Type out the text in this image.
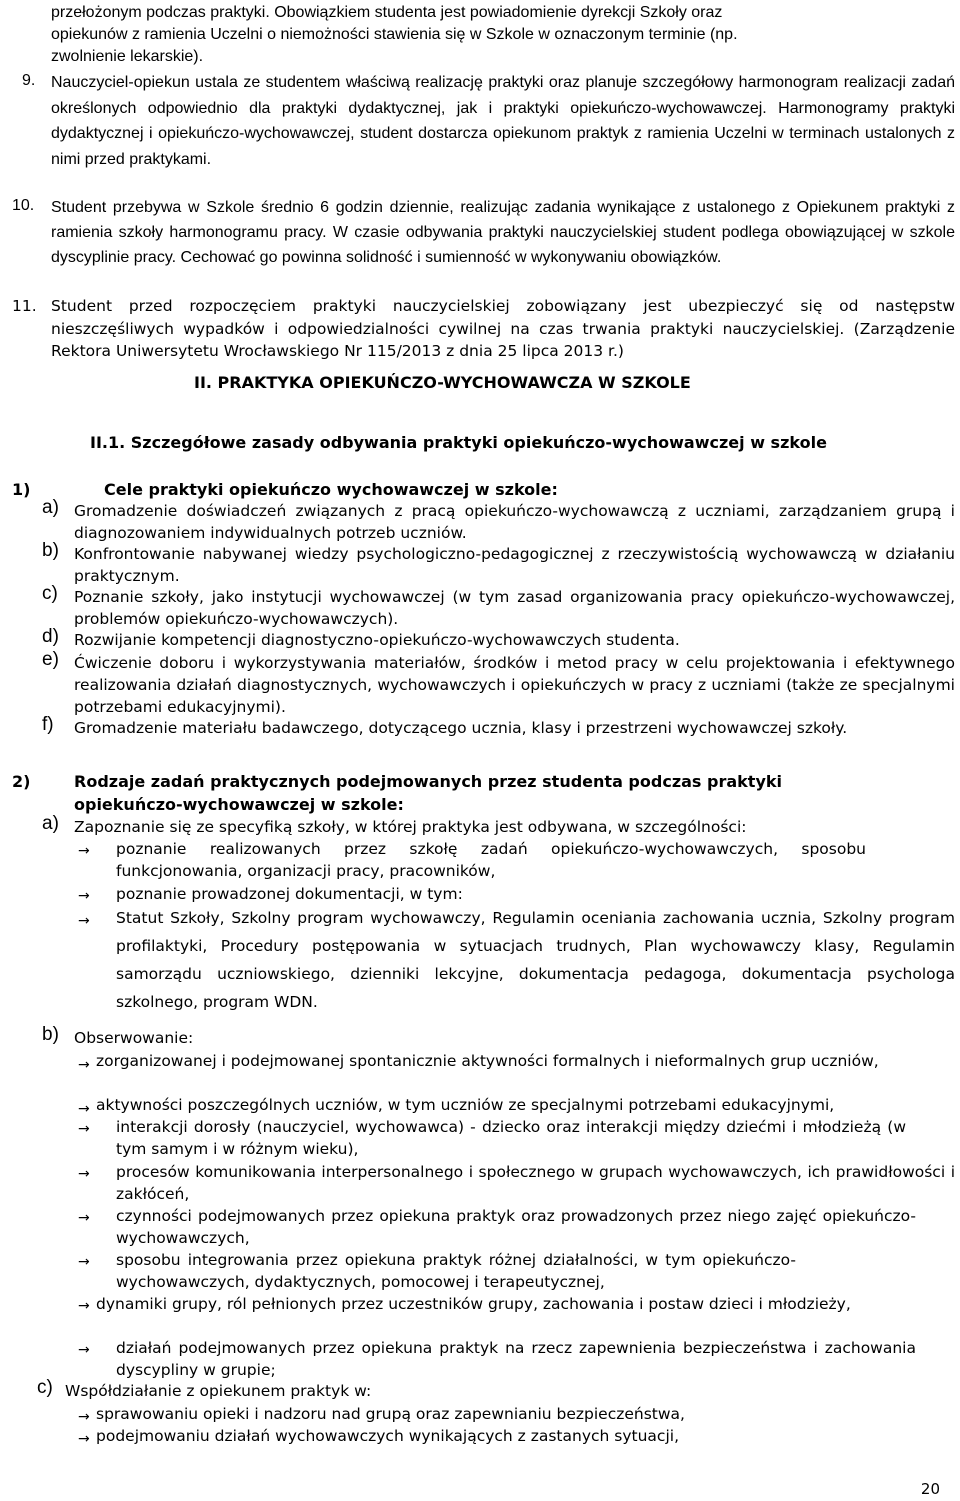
przełożonym podczas praktyki. Obowiązkiem studenta jest powiadomienie dyrekcji Szkoły oraz
opiekunów z ramienia Uczelni o niemożności stawienia się w Szkole w oznaczonym terminie (np.
zwolnienie lekarskie).
9. Nauczyciel-opiekun ustala ze studentem właściwą realizację praktyki oraz planuje szczegółowy harmonogram realizacji zadań określonych odpowiednio dla praktyki dydaktycznej, jak i praktyki opiekuńczo-wychowawczej. Harmonogramy praktyki dydaktycznej i opiekuńczo-wychowawczej, student dostarcza opiekunom praktyk z ramienia Uczelni w terminach ustalonych z nimi przed praktykami.
10. Student przebywa w Szkole średnio 6 godzin dziennie, realizując zadania wynikające z ustalonego z Opiekunem praktyki z ramienia szkoły harmonogramu pracy. W czasie odbywania praktyki nauczycielskiej student podlega obowiązującej w szkole dyscyplinie pracy. Cechować go powinna solidność i sumienność w wykonywaniu obowiązków.
11. Student przed rozpoczęciem praktyki nauczycielskiej zobowiązany jest ubezpieczyć się od następstw nieszczęśliwych wypadków i odpowiedzialności cywilnej na czas trwania praktyki nauczycielskiej. (Zarządzenie Rektora Uniwersytetu Wrocławskiego Nr 115/2013 z dnia 25 lipca 2013 r.)
II. PRAKTYKA OPIEKUŃCZO-WYCHOWAWCZA W SZKOLE
II.1. Szczegółowe zasady odbywania praktyki opiekuńczo-wychowawczej w szkole
1)	Cele praktyki opiekuńczo wychowawczej w szkole:
a) Gromadzenie doświadczeń związanych z pracą opiekuńczo-wychowawczą z uczniami, zarządzaniem grupą i diagnozowaniem indywidualnych potrzeb uczniów.
b) Konfrontowanie nabywanej wiedzy psychologiczno-pedagogicznej z rzeczywistością wychowawczą w działaniu praktycznym.
c) Poznanie szkoły, jako instytucji wychowawczej (w tym zasad organizowania pracy opiekuńczo-wychowawczej, problemów opiekuńczo-wychowawczych).
d) Rozwijanie kompetencji diagnostyczno-opiekuńczo-wychowawczych studenta.
e) Ćwiczenie doboru i wykorzystywania materiałów, środków i metod pracy w celu projektowania i efektywnego realizowania działań diagnostycznych, wychowawczych i opiekuńczych w pracy z uczniami (także ze specjalnymi potrzebami edukacyjnymi).
f) Gromadzenie materiału badawczego, dotyczącego ucznia, klasy i przestrzeni wychowawczej szkoły.
2)	Rodzaje zadań praktycznych podejmowanych przez studenta podczas praktyki
opiekuńczo-wychowawczej w szkole:
a) Zapoznanie się ze specyfiką szkoły, w której praktyka jest odbywana, w szczególności:
→ poznanie realizowanych przez szkołę zadań opiekuńczo-wychowawczych, sposobu funkcjonowania, organizacji pracy, pracowników,
→ poznanie prowadzonej dokumentacji, w tym:
→ Statut Szkoły, Szkolny program wychowawczy, Regulamin oceniania zachowania ucznia, Szkolny program profilaktyki, Procedury postępowania w sytuacjach trudnych, Plan wychowawczy klasy, Regulamin samorządu uczniowskiego, dzienniki lekcyjne, dokumentacja pedagoga, dokumentacja psychologa szkolnego, program WDN.
b) Obserwowanie:
→ zorganizowanej i podejmowanej spontanicznie aktywności formalnych i nieformalnych grup uczniów,
→ aktywności poszczególnych uczniów, w tym uczniów ze specjalnymi potrzebami edukacyjnymi,
→ interakcji dorosły (nauczyciel, wychowawca) - dziecko oraz interakcji między dziećmi i młodzieżą (w tym samym i w różnym wieku),
→ procesów komunikowania interpersonalnego i społecznego w grupach wychowawczych, ich prawidłowości i zakłóceń,
→ czynności podejmowanych przez opiekuna praktyk oraz prowadzonych przez niego zajęć opiekuńczo-wychowawczych,
→ sposobu integrowania przez opiekuna praktyk różnej działalności, w tym opiekuńczo-wychowawczych, dydaktycznych, pomocowej i terapeutycznej,
→ dynamiki grupy, ról pełnionych przez uczestników grupy, zachowania i postaw dzieci i młodzieży,
→ działań podejmowanych przez opiekuna praktyk na rzecz zapewnienia bezpieczeństwa i zachowania dyscypliny w grupie;
c) Współdziałanie z opiekunem praktyk w:
→ sprawowaniu opieki i nadzoru nad grupą oraz zapewnianiu bezpieczeństwa,
→ podejmowaniu działań wychowawczych wynikających z zastanych sytuacji,
20
